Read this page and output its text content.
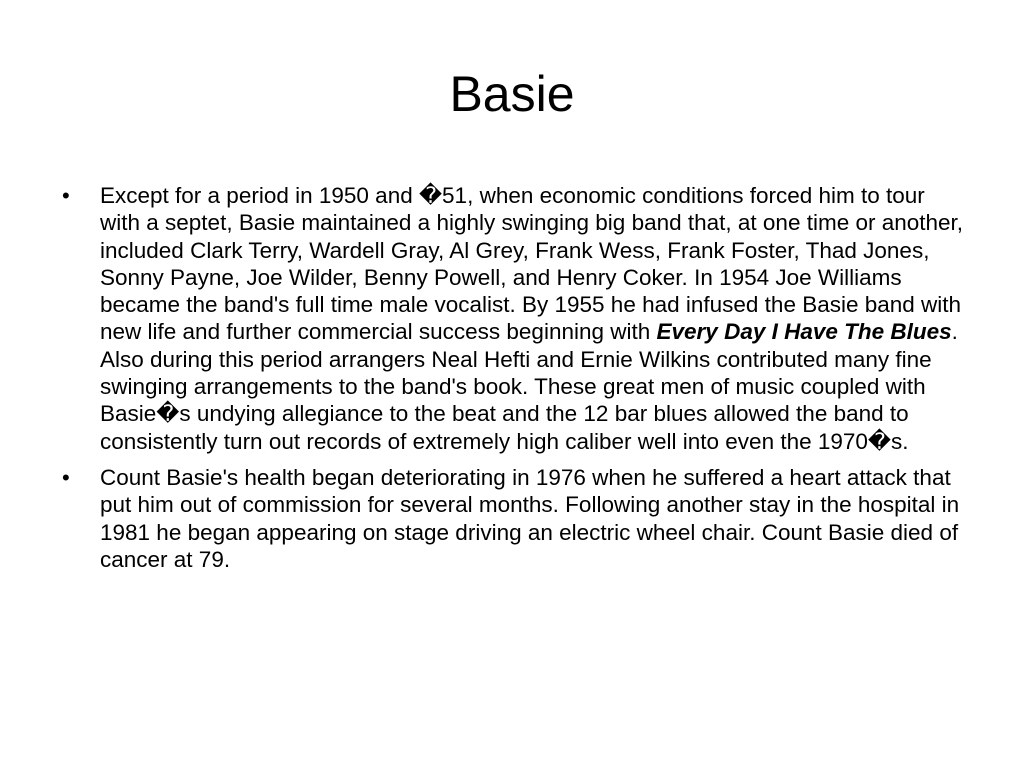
Basie
• Except for a period in 1950 and �51, when economic conditions forced him to tour with a septet, Basie maintained a highly swinging big band that, at one time or another, included Clark Terry, Wardell Gray, Al Grey, Frank Wess, Frank Foster, Thad Jones, Sonny Payne, Joe Wilder, Benny Powell, and Henry Coker. In 1954 Joe Williams became the band's full time male vocalist. By 1955 he had infused the Basie band with new life and further commercial success beginning with Every Day I Have The Blues. Also during this period arrangers Neal Hefti and Ernie Wilkins contributed many fine swinging arrangements to the band's book. These great men of music coupled with Basie�s undying allegiance to the beat and the 12 bar blues allowed the band to consistently turn out records of extremely high caliber well into even the 1970�s.
• Count Basie's health began deteriorating in 1976 when he suffered a heart attack that put him out of commission for several months. Following another stay in the hospital in 1981 he began appearing on stage driving an electric wheel chair. Count Basie died of cancer at 79.
